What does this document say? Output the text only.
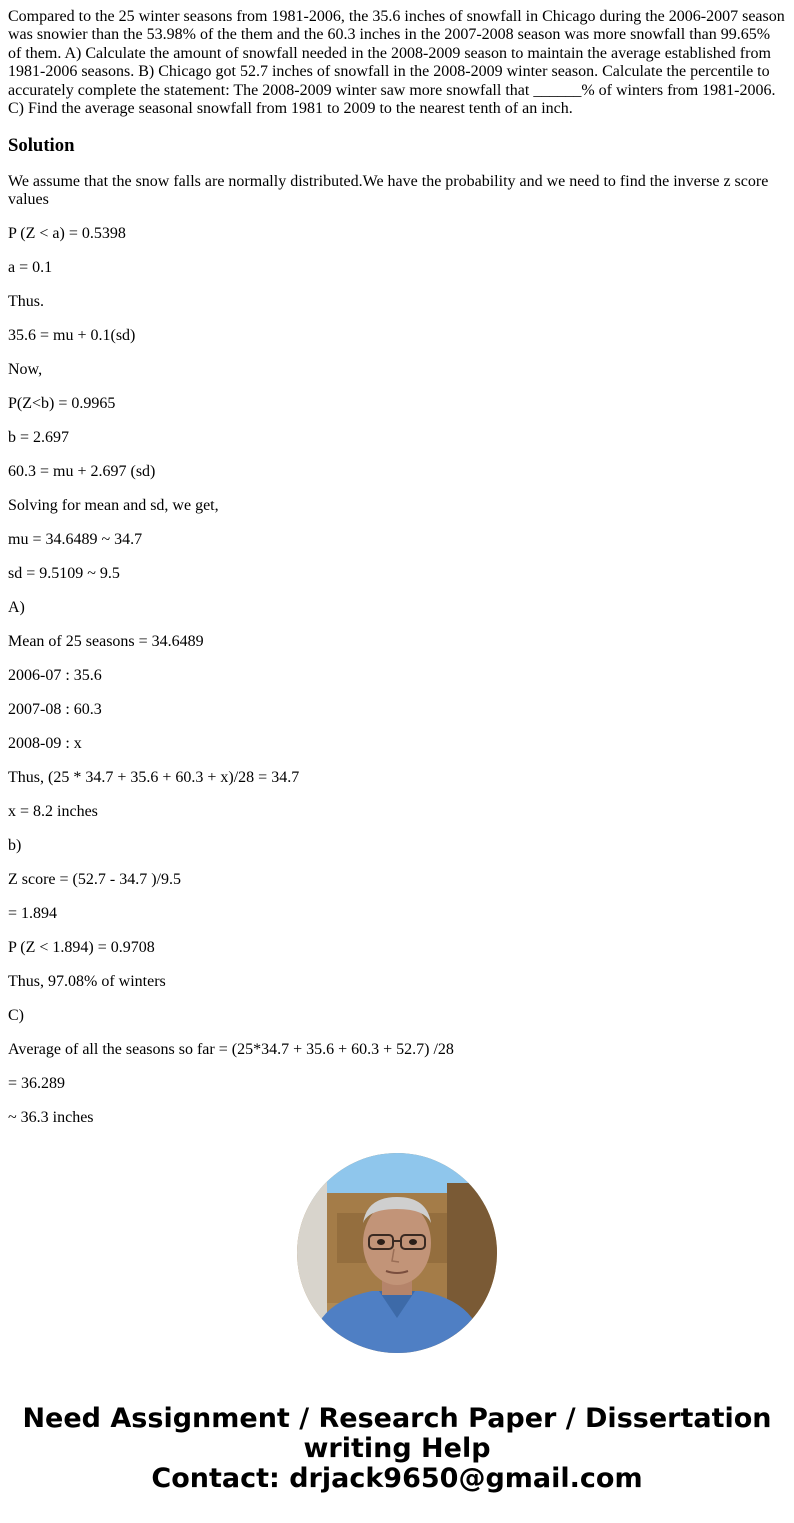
Compared to the 25 winter seasons from 1981-2006, the 35.6 inches of snowfall in Chicago during the 2006-2007 season was snowier than the 53.98% of the them and the 60.3 inches in the 2007-2008 season was more snowfall than 99.65% of them. A) Calculate the amount of snowfall needed in the 2008-2009 season to maintain the average established from 1981-2006 seasons. B) Chicago got 52.7 inches of snowfall in the 2008-2009 winter season. Calculate the percentile to accurately complete the statement: The 2008-2009 winter saw more snowfall that ______% of winters from 1981-2006. C) Find the average seasonal snowfall from 1981 to 2009 to the nearest tenth of an inch.

Solution

We assume that the snow falls are normally distributed.We have the probability and we need to find the inverse z score values

P (Z < a) = 0.5398

a = 0.1

Thus.

35.6 = mu + 0.1(sd)

Now,

P(Z<b) = 0.9965

b = 2.697

60.3 = mu + 2.697 (sd)

Solving for mean and sd, we get,

mu = 34.6489 ~ 34.7

sd = 9.5109 ~ 9.5

A)

Mean of 25 seasons = 34.6489

2006-07 : 35.6

2007-08 : 60.3

2008-09 : x

Thus, (25 * 34.7 + 35.6 + 60.3 + x)/28 = 34.7

x = 8.2 inches

b)

Z score = (52.7 - 34.7 )/9.5

= 1.894

P (Z < 1.894) = 0.9708

Thus, 97.08% of winters

C)

Average of all the seasons so far = (25*34.7 + 35.6 + 60.3 + 52.7) /28

= 36.289

~ 36.3 inches

Need Assignment / Research Paper / Dissertation
writing Help
Contact: drjack9650@gmail.com
